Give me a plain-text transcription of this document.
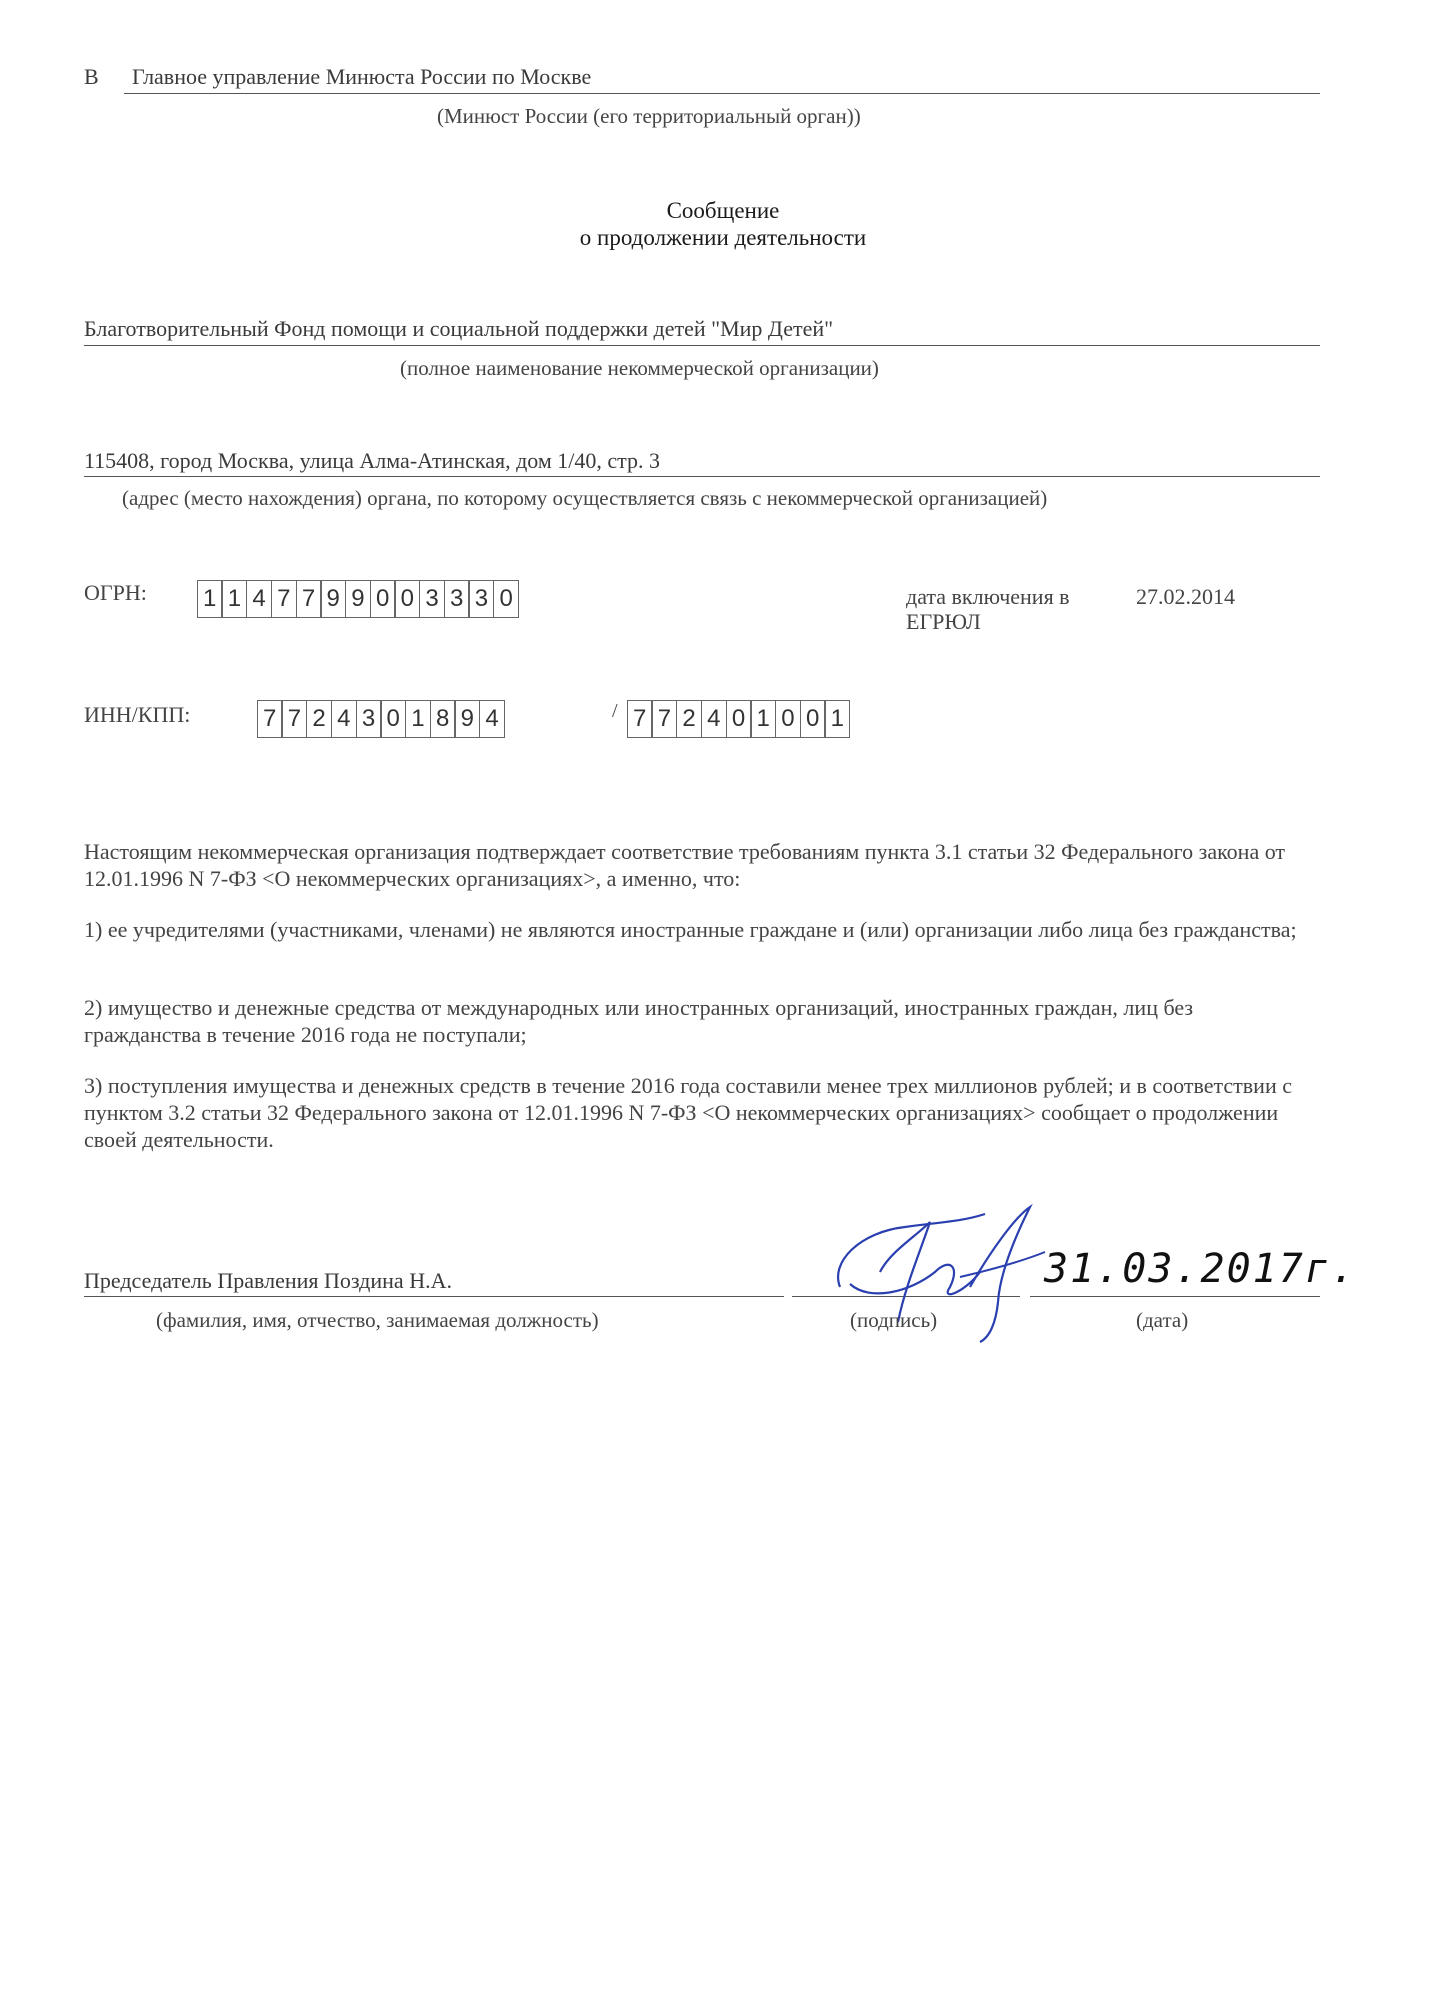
В Главное управление Минюста России по Москве
(Минюст России (его территориальный орган))
Сообщение
о продолжении деятельности
Благотворительный Фонд помощи и социальной поддержки детей "Мир Детей"
(полное наименование некоммерческой организации)
115408, город Москва, улица Алма-Атинская, дом 1/40, стр. 3
(адрес (место нахождения) органа, по которому осуществляется связь с некоммерческой организацией)
ОГРН: 1 1 4 7 7 9 9 0 0 3 3 3 0	дата включения в
ЕГРЮЛ
27.02.2014
ИНН/КПП:	7 7 2 4 3 0 1 8 9 4	/ 7 7 2 4 0 1 0 0 1
Настоящим некоммерческая организация подтверждает соответствие требованиям пункта 3.1 статьи 32 Федерального закона от 12.01.1996 N 7-ФЗ <О некоммерческих организациях>, а именно, что:
1) ее учредителями (участниками, членами) не являются иностранные граждане и (или) организации либо лица без гражданства;
2) имущество и денежные средства от международных или иностранных организаций, иностранных граждан, лиц без гражданства в течение 2016 года не поступали;
3) поступления имущества и денежных средств в течение 2016 года составили менее трех миллионов рублей; и в соответствии с пунктом 3.2 статьи 32 Федерального закона от 12.01.1996 N 7-ФЗ <О некоммерческих организациях> сообщает о продолжении своей деятельности.
Председатель Правления Поздина Н.А.	31.03.2017г.
(фамилия, имя, отчество, занимаемая должность)	(подпись)	(дата)
